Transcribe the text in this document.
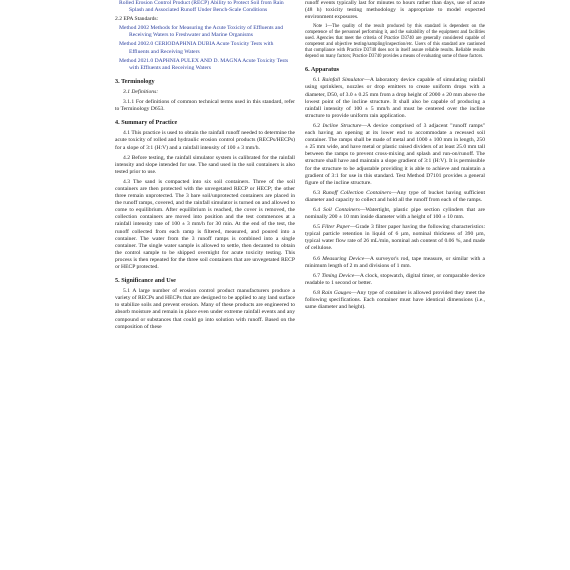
Rolled Erosion Control Product (RECP) Ability to Protect Soil from Rain Splash and Associated Runoff Under Bench-Scale Conditions

2.2 EPA Standards:

Method 2002 Methods for Measuring the Acute Toxicity of Effluents and Receiving Waters to Freshwater and Marine Organisms

Method 2002.0 CERIODAPHNIA DUBIA Acute Toxicity Tests with Effluents and Receiving Waters

Method 2021.0 DAPHNIA PULEX AND D. MAGNA Acute Toxicity Tests with Effluents and Receiving Waters

3. Terminology

3.1 Definitions:

3.1.1 For definitions of common technical terms used in this standard, refer to Terminology D653.

4. Summary of Practice

4.1 This practice is used to obtain the rainfall runoff needed to determine the acute toxicity of rolled and hydraulic erosion control products (RECPs/HECPs) for a slope of 3:1 (H:V) and a rainfall intensity of 100 ± 3 mm/h.

4.2 Before testing, the rainfall simulator system is calibrated for the rainfall intensity and slope intended for use. The sand used in the soil containers is also tested prior to use.

4.3 The sand is compacted into six soil containers. Three of the soil containers are then protected with the unvegetated RECP or HECP; the other three remain unprotected. The 3 bare soil/unprotected containers are placed in the runoff ramps, covered, and the rainfall simulator is turned on and allowed to come to equilibrium. After equilibrium is reached, the cover is removed, the collection containers are moved into position and the test commences at a rainfall intensity rate of 100 ± 3 mm/h for 30 min. At the end of the test, the runoff collected from each ramp is filtered, measured, and poured into a container. The water from the 3 runoff ramps is combined into a single container. The single water sample is allowed to settle, then decanted to obtain the control sample to be shipped overnight for acute toxicity testing. This process is then repeated for the three soil containers that are unvegetated RECP or HECP protected.

5. Significance and Use

5.1 A large number of erosion control product manufacturers produce a variety of RECPs and HECPs that are designed to be applied to any land surface to stabilize soils and prevent erosion. Many of these products are engineered to absorb moisture and remain in place even under extreme rainfall events and any compound or substances that could go into solution with runoff. Based on the composition of these

runoff events typically last for minutes to hours rather than days, use of acute (48 h) toxicity testing methodology is appropriate to model expected environment exposures.

Note 1—The quality of the result produced by this standard is dependent on the competence of the personnel performing it, and the suitability of the equipment and facilities used. Agencies that meet the criteria of Practice D3740 are generally considered capable of competent and objective testing/sampling/inspection/etc. Users of this standard are cautioned that compliance with Practice D3740 does not in itself assure reliable results. Reliable results depend on many factors; Practice D3740 provides a means of evaluating some of those factors.

6. Apparatus

6.1 Rainfall Simulator—A laboratory device capable of simulating rainfall using sprinklers, nozzles or drop emitters to create uniform drops with a diameter, D50, of 3.0 ± 0.25 mm from a drop height of 2000 ± 20 mm above the lowest point of the incline structure. It shall also be capable of producing a rainfall intensity of 100 ± 5 mm/h and must be centered over the incline structure to provide uniform rain application.

6.2 Incline Structure—A device comprised of 3 adjacent "runoff ramps" each having an opening at its lower end to accommodate a recessed soil container. The ramps shall be made of metal and 1000 ± 100 mm in length, 250 ± 25 mm wide, and have metal or plastic raised dividers of at least 25.0 mm tall between the ramps to prevent cross-mixing and splash and run-on/runoff. The structure shall have and maintain a slope gradient of 3:1 (H:V). It is permissible for the structure to be adjustable providing it is able to achieve and maintain a gradient of 3:1 for use in this standard. Test Method D7101 provides a general figure of the incline structure.

6.3 Runoff Collection Containers—Any type of bucket having sufficient diameter and capacity to collect and hold all the runoff from each of the ramps.

6.4 Soil Containers—Watertight, plastic pipe section cylinders that are nominally 200 ± 10 mm inside diameter with a height of 100 ± 10 mm.

6.5 Filter Paper—Grade 3 filter paper having the following characteristics: typical particle retention in liquid of 6 µm, nominal thickness of 390 µm, typical water flow rate of 26 mL/min, nominal ash content of 0.06 %, and made of cellulose.

6.6 Measuring Device—A surveyor's rod, tape measure, or similar with a minimum length of 2 m and divisions of 1 mm.

6.7 Timing Device—A clock, stopwatch, digital timer, or comparable device readable to 1 second or better.

6.8 Rain Gauges—Any type of container is allowed provided they meet the following specifications. Each container must have identical dimensions (i.e., same diameter and height).
